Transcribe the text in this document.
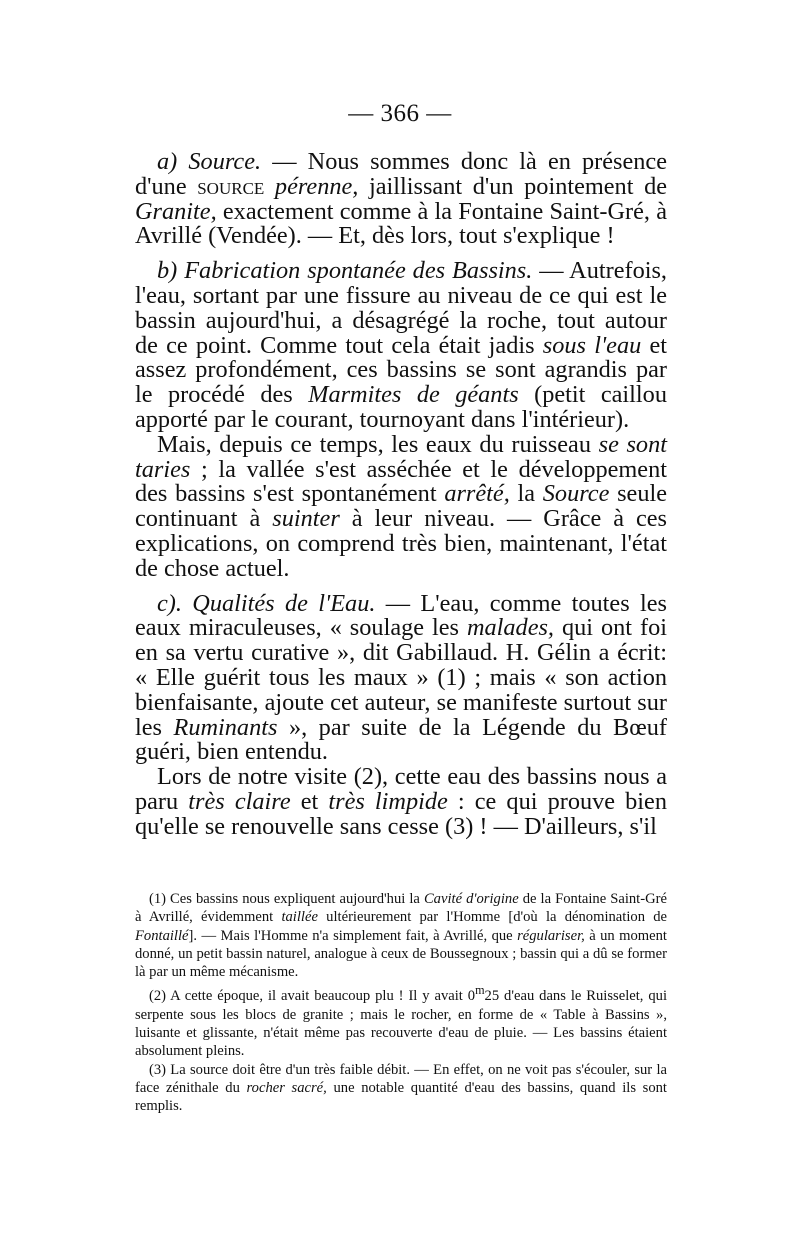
— 366 —

a) Source. — Nous sommes donc là en présence d'une source pérenne, jaillissant d'un pointement de Granite, exactement comme à la Fontaine Saint-Gré, à Avrillé (Vendée). — Et, dès lors, tout s'explique !

b) Fabrication spontanée des Bassins. — Autrefois, l'eau, sortant par une fissure au niveau de ce qui est le bassin aujourd'hui, a désagrégé la roche, tout autour de ce point. Comme tout cela était jadis sous l'eau et assez profondément, ces bassins se sont agrandis par le procédé des Marmites de géants (petit caillou apporté par le courant, tournoyant dans l'intérieur).

Mais, depuis ce temps, les eaux du ruisseau se sont taries ; la vallée s'est asséchée et le développement des bassins s'est spontanément arrêté, la Source seule continuant à suinter à leur niveau. — Grâce à ces explications, on comprend très bien, maintenant, l'état de chose actuel.

c). Qualités de l'Eau. — L'eau, comme toutes les eaux miraculeuses, « soulage les malades, qui ont foi en sa vertu curative », dit Gabillaud. H. Gélin a écrit: « Elle guérit tous les maux » (1) ; mais « son action bienfaisante, ajoute cet auteur, se manifeste surtout sur les Ruminants », par suite de la Légende du Bœuf guéri, bien entendu.

Lors de notre visite (2), cette eau des bassins nous a paru très claire et très limpide : ce qui prouve bien qu'elle se renouvelle sans cesse (3) ! — D'ailleurs, s'il

(1) Ces bassins nous expliquent aujourd'hui la Cavité d'origine de la Fontaine Saint-Gré à Avrillé, évidemment taillée ultérieurement par l'Homme [d'où la dénomination de Fontaillé]. — Mais l'Homme n'a simplement fait, à Avrillé, que régulariser, à un moment donné, un petit bassin naturel, analogue à ceux de Boussegnoux ; bassin qui a dû se former là par un même mécanisme.

(2) A cette époque, il avait beaucoup plu ! Il y avait 0$^m$25 d'eau dans le Ruisselet, qui serpente sous les blocs de granite ; mais le rocher, en forme de « Table à Bassins », luisante et glissante, n'était même pas recouverte d'eau de pluie. — Les bassins étaient absolument pleins.

(3) La source doit être d'un très faible débit. — En effet, on ne voit pas s'écouler, sur la face zénithale du rocher sacré, une notable quantité d'eau des bassins, quand ils sont remplis.
